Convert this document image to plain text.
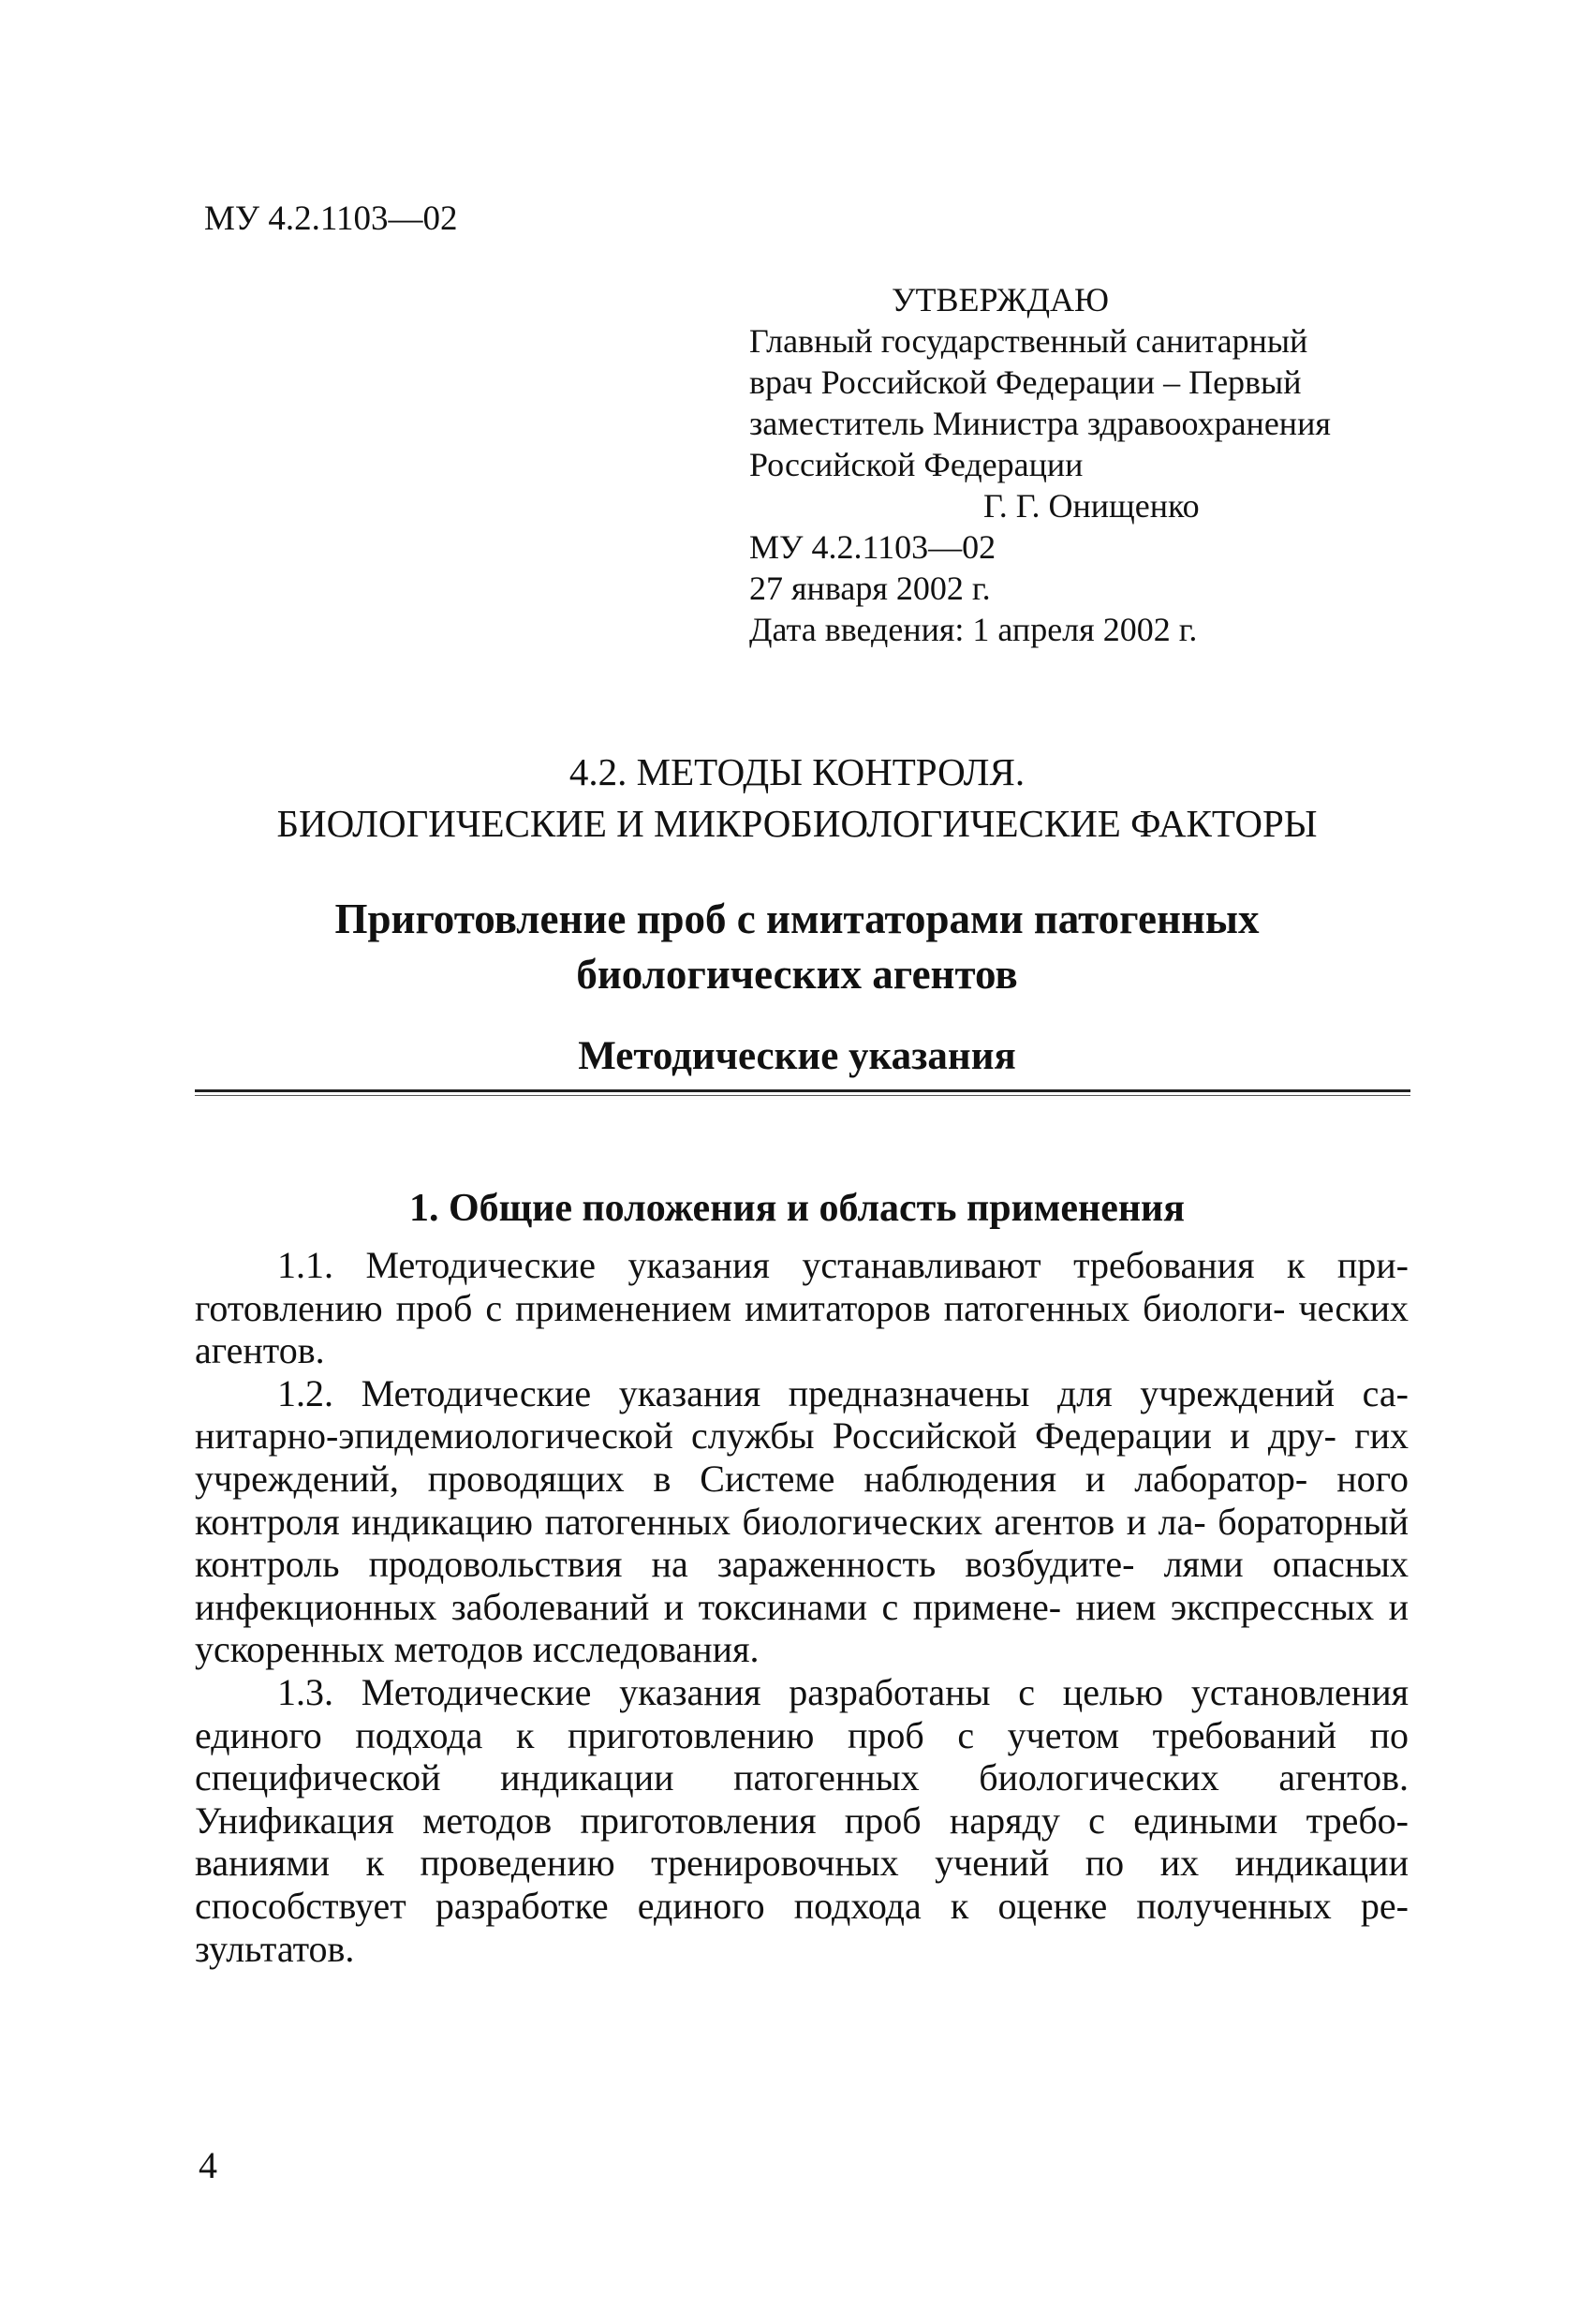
МУ 4.2.1103—02
УТВЕРЖДАЮ
Главный государственный санитарный
врач Российской Федерации – Первый
заместитель Министра здравоохранения
Российской Федерации
Г. Г. Онищенко
МУ 4.2.1103—02
27 января 2002 г.
Дата введения: 1 апреля 2002 г.
4.2. МЕТОДЫ КОНТРОЛЯ.
БИОЛОГИЧЕСКИЕ И МИКРОБИОЛОГИЧЕСКИЕ ФАКТОРЫ
Приготовление проб с имитаторами патогенных
биологических агентов
Методические указания
1. Общие положения и область применения

1.1. Методические указания устанавливают требования к при- готовлению проб с применением имитаторов патогенных биологи- ческих агентов.

1.2. Методические указания предназначены для учреждений са- нитарно-эпидемиологической службы Российской Федерации и дру- гих учреждений, проводящих в Системе наблюдения и лаборатор- ного контроля индикацию патогенных биологических агентов и ла- бораторный контроль продовольствия на зараженность возбудите- лями опасных инфекционных заболеваний и токсинами с примене- нием экспрессных и ускоренных методов исследования.

1.3. Методические указания разработаны с целью установления единого подхода к приготовлению проб с учетом требований по специфической индикации патогенных биологических агентов. Унификация методов приготовления проб наряду с едиными требо- ваниями к проведению тренировочных учений по их индикации способствует разработке единого подхода к оценке полученных ре- зультатов.

4
